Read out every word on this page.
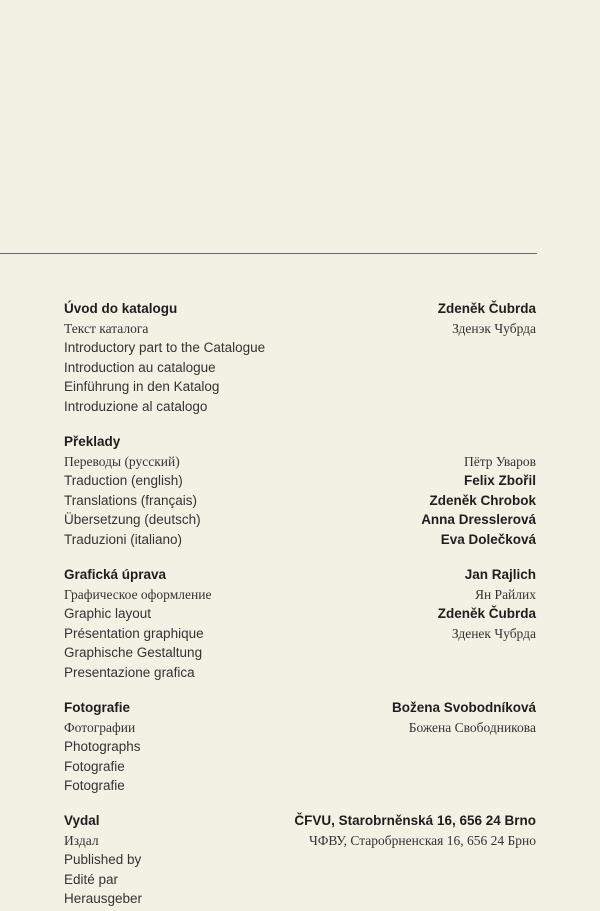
Úvod do katalogu	Zdeněk Čubrda
Текст каталога	Зденэк Чубрда
Introductory part to the Catalogue
Introduction au catalogue
Einführung in den Katalog
Introduzione al catalogo
Překlady
Переводы (русский)	Пётр Уваров
Traduction (english)	Felix Zbořil
Translations (français)	Zdeněk Chrobok
Übersetzung (deutsch)	Anna Dresslerová
Traduzioni (italiano)	Eva Dolečková
Grafická úprava	Jan Rajlich
Графическое оформление	Ян Райлих
Graphic layout	Zdeněk Čubrda
Présentation graphique	Зденек Чубрда
Graphische Gestaltung
Presentazione grafica
Fotografie	Božena Svobodníková
Фотографии	Божена Свободникова
Photographs
Fotografie
Fotografie
Vydal	ČFVU, Starobrněnská 16, 656 24 Brno
Издал	ЧФВУ, Старобрненская 16, 656 24 Брно
Published by
Edité par
Herausgeber
